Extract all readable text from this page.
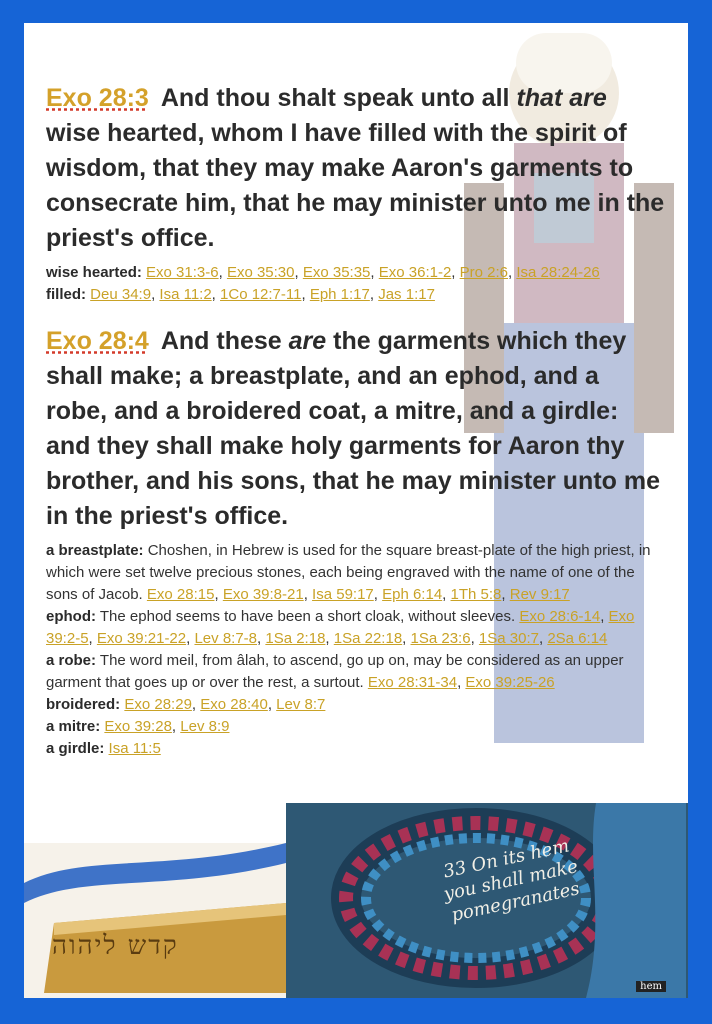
Exo 28:3 And thou shalt speak unto all that are wise hearted, whom I have filled with the spirit of wisdom, that they may make Aaron's garments to consecrate him, that he may minister unto me in the priest's office.

wise hearted: Exo 31:3-6, Exo 35:30, Exo 35:35, Exo 36:1-2, Pro 2:6, Isa 28:24-26

filled: Deu 34:9, Isa 11:2, 1Co 12:7-11, Eph 1:17, Jas 1:17

Exo 28:4 And these are the garments which they shall make; a breastplate, and an ephod, and a robe, and a broidered coat, a mitre, and a girdle: and they shall make holy garments for Aaron thy brother, and his sons, that he may minister unto me in the priest's office.

a breastplate: Choshen, in Hebrew is used for the square breast-plate of the high priest, in which were set twelve precious stones, each being engraved with the name of one of the sons of Jacob. Exo 28:15, Exo 39:8-21, Isa 59:17, Eph 6:14, 1Th 5:8, Rev 9:17

ephod: The ephod seems to have been a short cloak, without sleeves. Exo 28:6-14, Exo 39:2-5, Exo 39:21-22, Lev 8:7-8, 1Sa 2:18, 1Sa 22:18, 1Sa 23:6, 1Sa 30:7, 2Sa 6:14

a robe: The word meil, from âlah, to ascend, go up on, may be considered as an upper garment that goes up or over the rest, a surtout. Exo 28:31-34, Exo 39:25-26

broidered: Exo 28:29, Exo 28:40, Lev 8:7

a mitre: Exo 39:28, Lev 8:9

a girdle: Isa 11:5

קדש ליהוה
33 On its hem you shall make pomegranates
hem
